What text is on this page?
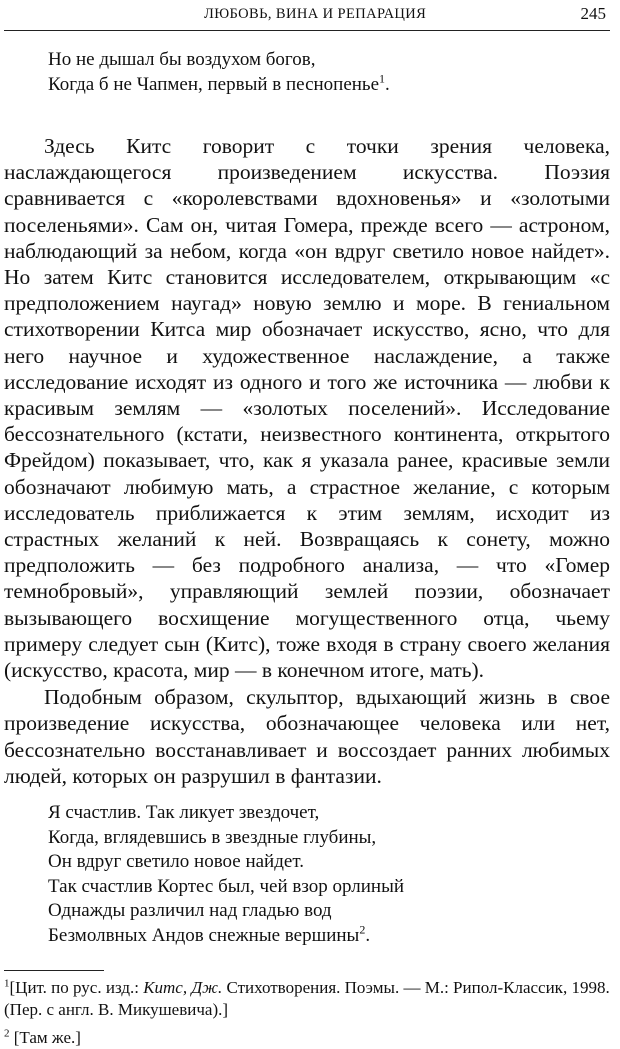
ЛЮБОВЬ, ВИНА И РЕПАРАЦИЯ	245
Но не дышал бы воздухом богов,
Когда б не Чапмен, первый в песнопенье$^1$.

Здесь Китс говорит с точки зрения человека, наслаждающегося произведением искусства. Поэзия сравнивается с «королевствами вдохновенья» и «золотыми поселеньями». Сам он, читая Гомера, прежде всего — астроном, наблюдающий за небом, когда «он вдруг светило новое найдет». Но затем Китс становится исследователем, открывающим «с предположением наугад» новую землю и море. В гениальном стихотворении Китса мир обозначает искусство, ясно, что для него научное и художественное наслаждение, а также исследование исходят из одного и того же источника — любви к красивым землям — «золотых поселений». Исследование бессознательного (кстати, неизвестного континента, открытого Фрейдом) показывает, что, как я указала ранее, красивые земли обозначают любимую мать, а страстное желание, с которым исследователь приближается к этим землям, исходит из страстных желаний к ней. Возвращаясь к сонету, можно предположить — без подробного анализа, — что «Гомер темнобровый», управляющий землей поэзии, обозначает вызывающего восхищение могущественного отца, чьему примеру следует сын (Китс), тоже входя в страну своего желания (искусство, красота, мир — в конечном итоге, мать).

Подобным образом, скульптор, вдыхающий жизнь в свое произведение искусства, обозначающее человека или нет, бессознательно восстанавливает и воссоздает ранних любимых людей, которых он разрушил в фантазии.

Я счастлив. Так ликует звездочет,
Когда, вглядевшись в звездные глубины,
Он вдруг светило новое найдет.
Так счастлив Кортес был, чей взор орлиный
Однажды различил над гладью вод
Безмолвных Андов снежные вершины$^2$.

$^1$[Цит. по рус. изд.: Китс, Дж. Стихотворения. Поэмы. — М.: Рипол-Классик, 1998. (Пер. с англ. В. Микушевича).]

$^2$ [Там же.]
